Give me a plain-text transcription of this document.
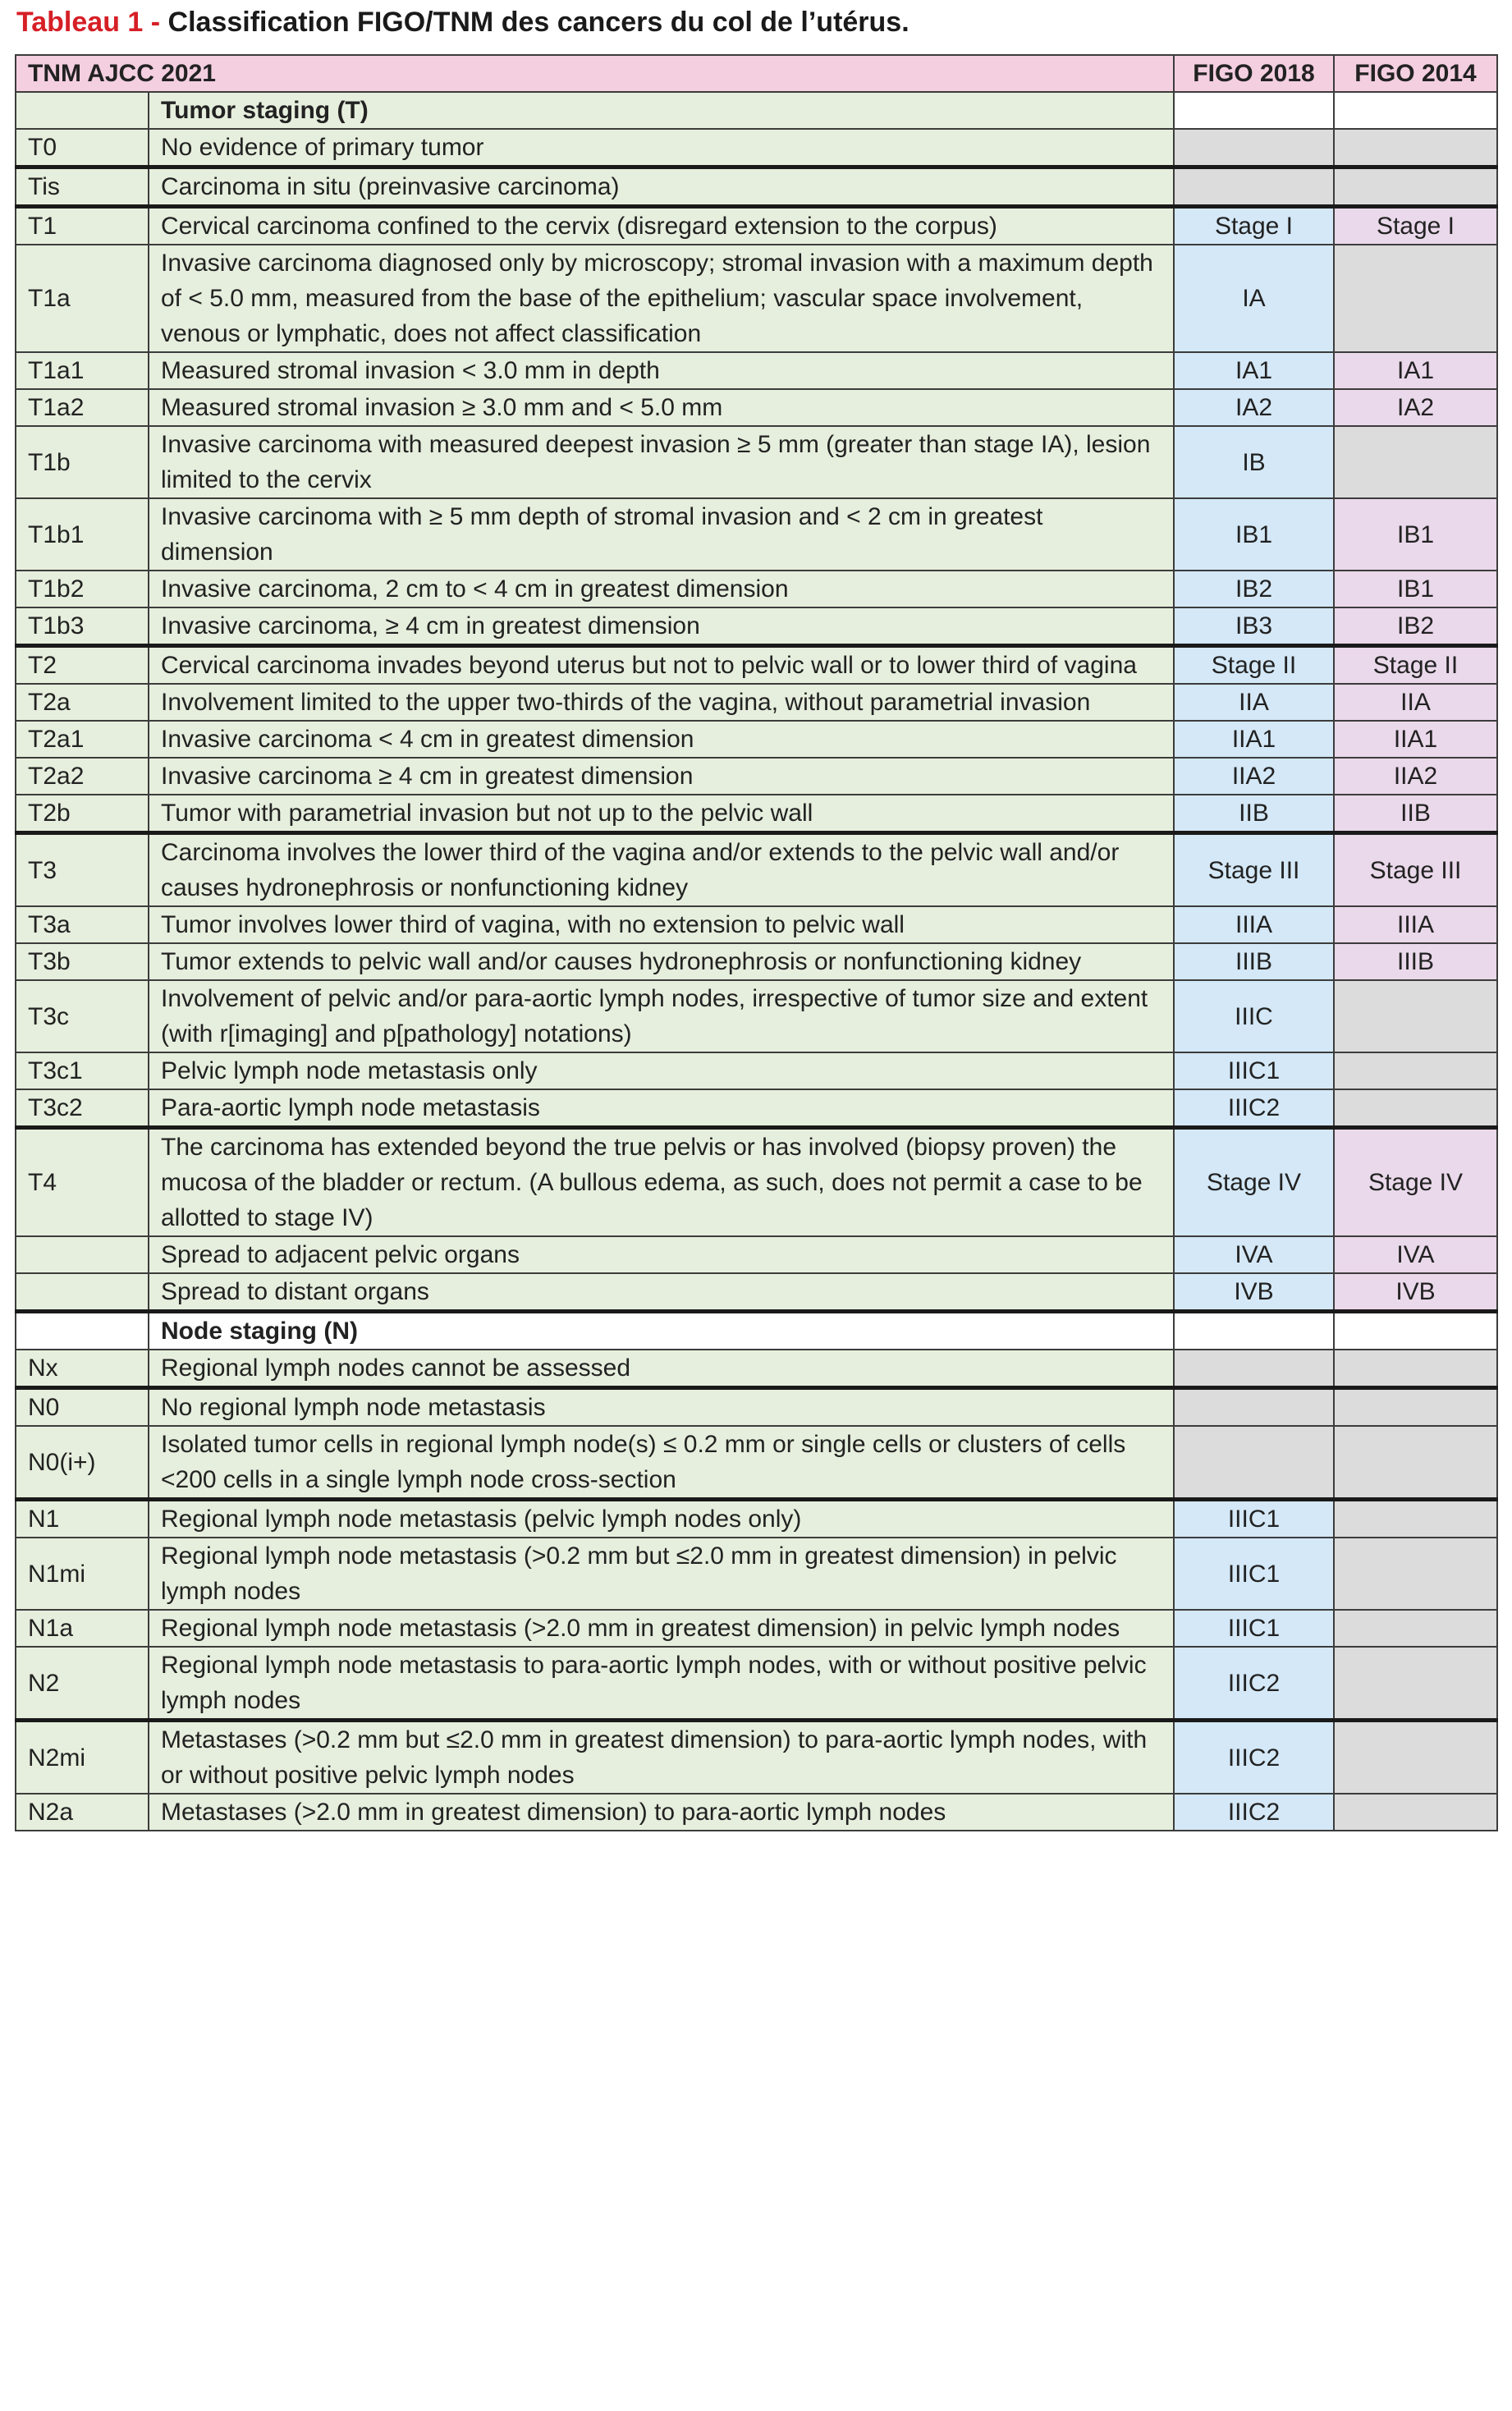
Tableau 1 - Classification FIGO/TNM des cancers du col de l’utérus.
TNM AJCC 2021		FIGO 2018	FIGO 2014
	Tumor staging (T)		
T0	No evidence of primary tumor		
Tis	Carcinoma in situ (preinvasive carcinoma)		
T1	Cervical carcinoma confined to the cervix (disregard extension to the corpus)	Stage I	Stage I
T1a	Invasive carcinoma diagnosed only by microscopy; stromal invasion with a maximum depth of < 5.0 mm, measured from the base of the epithelium; vascular space involvement, venous or lymphatic, does not affect classification	IA	
T1a1	Measured stromal invasion < 3.0 mm in depth	IA1	IA1
T1a2	Measured stromal invasion ≥ 3.0 mm and < 5.0 mm	IA2	IA2
T1b	Invasive carcinoma with measured deepest invasion ≥ 5 mm (greater than stage IA), lesion limited to the cervix	IB	
T1b1	Invasive carcinoma with ≥ 5 mm depth of stromal invasion and < 2 cm in greatest dimension	IB1	IB1
T1b2	Invasive carcinoma, 2 cm to < 4 cm in greatest dimension	IB2	IB1
T1b3	Invasive carcinoma, ≥ 4 cm in greatest dimension	IB3	IB2
T2	Cervical carcinoma invades beyond uterus but not to pelvic wall or to lower third of vagina	Stage II	Stage II
T2a	Involvement limited to the upper two-thirds of the vagina, without parametrial invasion	IIA	IIA
T2a1	Invasive carcinoma < 4 cm in greatest dimension	IIA1	IIA1
T2a2	Invasive carcinoma ≥ 4 cm in greatest dimension	IIA2	IIA2
T2b	Tumor with parametrial invasion but not up to the pelvic wall	IIB	IIB
T3	Carcinoma involves the lower third of the vagina and/or extends to the pelvic wall and/or causes hydronephrosis or nonfunctioning kidney	Stage III	Stage III
T3a	Tumor involves lower third of vagina, with no extension to pelvic wall	IIIA	IIIA
T3b	Tumor extends to pelvic wall and/or causes hydronephrosis or nonfunctioning kidney	IIIB	IIIB
T3c	Involvement of pelvic and/or para-aortic lymph nodes, irrespective of tumor size and extent (with r[imaging] and p[pathology] notations)	IIIC	
T3c1	Pelvic lymph node metastasis only	IIIC1	
T3c2	Para-aortic lymph node metastasis	IIIC2	
T4	The carcinoma has extended beyond the true pelvis or has involved (biopsy proven) the mucosa of the bladder or rectum. (A bullous edema, as such, does not permit a case to be allotted to stage IV)	Stage IV	Stage IV
	Spread to adjacent pelvic organs	IVA	IVA
	Spread to distant organs	IVB	IVB
	Node staging (N)		
Nx	Regional lymph nodes cannot be assessed		
N0	No regional lymph node metastasis		
N0(i+)	Isolated tumor cells in regional lymph node(s) ≤ 0.2 mm or single cells or clusters of cells <200 cells in a single lymph node cross-section		
N1	Regional lymph node metastasis (pelvic lymph nodes only)	IIIC1	
N1mi	Regional lymph node metastasis (>0.2 mm but ≤2.0 mm in greatest dimension) in pelvic lymph nodes	IIIC1	
N1a	Regional lymph node metastasis (>2.0 mm in greatest dimension) in pelvic lymph nodes	IIIC1	
N2	Regional lymph node metastasis to para-aortic lymph nodes, with or without positive pelvic lymph nodes	IIIC2	
N2mi	Metastases (>0.2 mm but ≤2.0 mm in greatest dimension) to para-aortic lymph nodes, with or without positive pelvic lymph nodes	IIIC2	
N2a	Metastases (>2.0 mm in greatest dimension) to para-aortic lymph nodes	IIIC2	
